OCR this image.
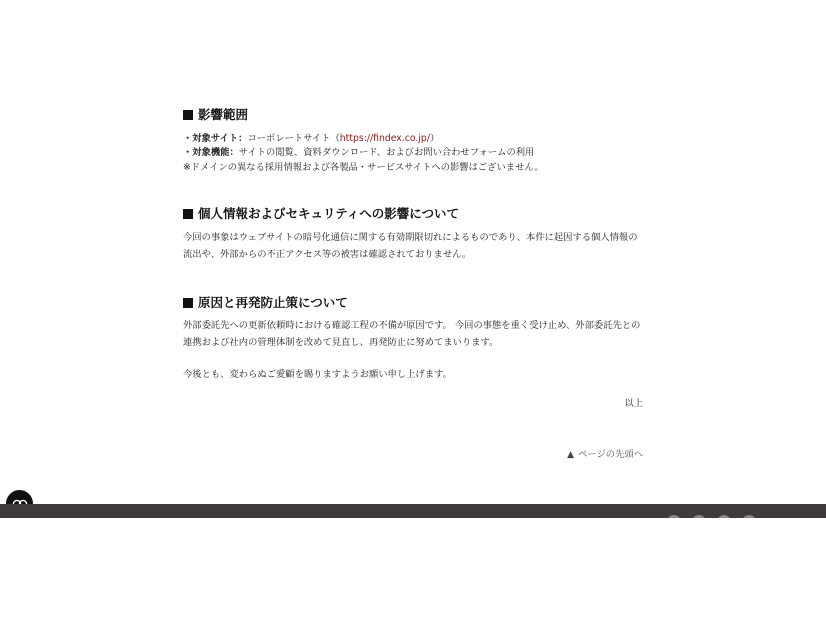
影響範囲
・対象サイト：コーポレートサイト（https://findex.co.jp/）
・対象機能：サイトの閲覧、資料ダウンロード、およびお問い合わせフォームの利用
※ドメインの異なる採用情報および各製品・サービスサイトへの影響はございません。
個人情報およびセキュリティへの影響について
今回の事象はウェブサイトの暗号化通信に関する有効期限切れによるものであり、本件に起因する個人情報の流出や、外部からの不正アクセス等の被害は確認されておりません。
原因と再発防止策について
外部委託先への更新依頼時における確認工程の不備が原因です。 今回の事態を重く受け止め、外部委託先との連携および社内の管理体制を改めて見直し、再発防止に努めてまいります。
今後とも、変わらぬご愛顧を賜りますようお願い申し上げます。
以上
▲ ページの先頭へ
